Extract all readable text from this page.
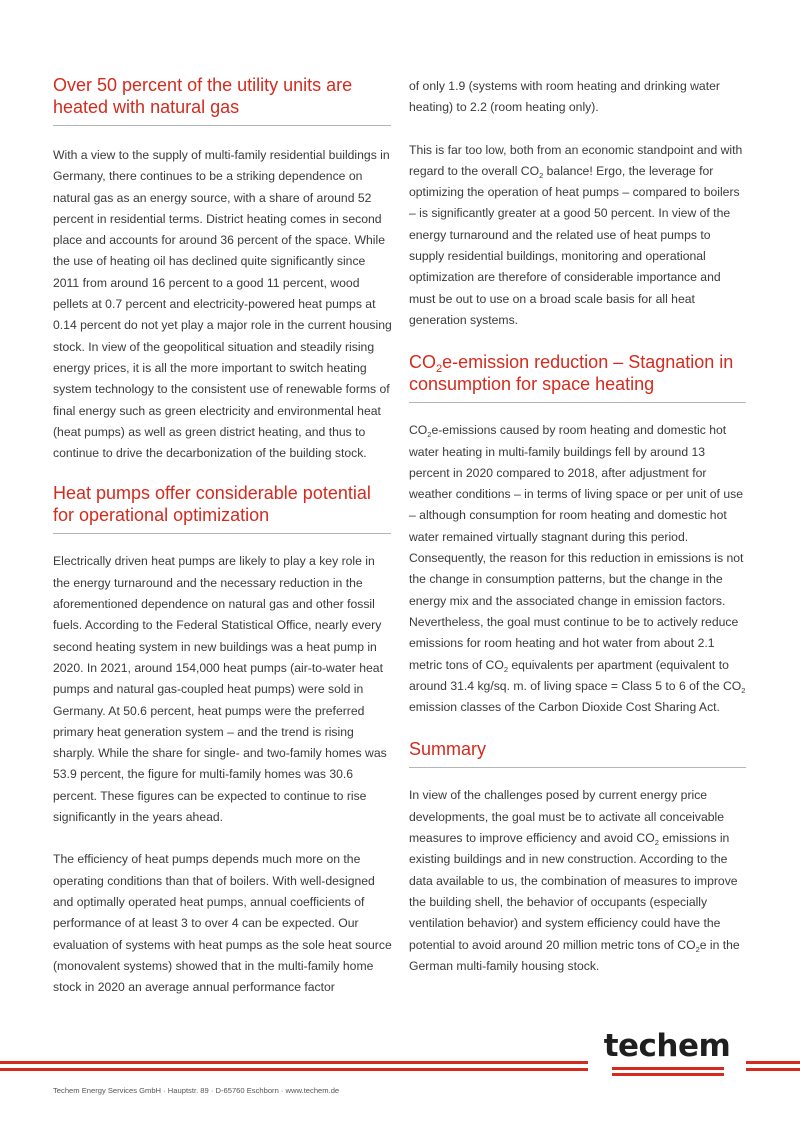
Over 50 percent of the utility units are heated with natural gas

With a view to the supply of multi-family residential buildings in Germany, there continues to be a striking dependence on natural gas as an energy source, with a share of around 52 percent in residential terms. District heating comes in second place and accounts for around 36 percent of the space. While the use of heating oil has declined quite significantly since 2011 from around 16 percent to a good 11 percent, wood pellets at 0.7 percent and electricity-powered heat pumps at 0.14 percent do not yet play a major role in the current housing stock. In view of the geopolitical situation and steadily rising energy prices, it is all the more important to switch heating system technology to the consistent use of renewable forms of final energy such as green electricity and environmental heat (heat pumps) as well as green district heating, and thus to continue to drive the decarbonization of the building stock.

Heat pumps offer considerable potential for operational optimization

Electrically driven heat pumps are likely to play a key role in the energy turnaround and the necessary reduction in the aforementioned dependence on natural gas and other fossil fuels. According to the Federal Statistical Office, nearly every second heating system in new buildings was a heat pump in 2020. In 2021, around 154,000 heat pumps (air-to-water heat pumps and natural gas-coupled heat pumps) were sold in Germany. At 50.6 percent, heat pumps were the preferred primary heat generation system – and the trend is rising sharply. While the share for single- and two-family homes was 53.9 percent, the figure for multi-family homes was 30.6 percent. These figures can be expected to continue to rise significantly in the years ahead.

The efficiency of heat pumps depends much more on the operating conditions than that of boilers. With well-designed and optimally operated heat pumps, annual coefficients of performance of at least 3 to over 4 can be expected. Our evaluation of systems with heat pumps as the sole heat source (monovalent systems) showed that in the multi-family home stock in 2020 an average annual performance factor

of only 1.9 (systems with room heating and drinking water heating) to 2.2 (room heating only).

This is far too low, both from an economic standpoint and with regard to the overall $CO_2$ balance! Ergo, the leverage for optimizing the operation of heat pumps – compared to boilers – is significantly greater at a good 50 percent. In view of the energy turnaround and the related use of heat pumps to supply residential buildings, monitoring and operational optimization are therefore of considerable importance and must be out to use on a broad scale basis for all heat generation systems.

$CO_2e$-emission reduction – Stagnation in consumption for space heating

$CO_2e$-emissions caused by room heating and domestic hot water heating in multi-family buildings fell by around 13 percent in 2020 compared to 2018, after adjustment for weather conditions – in terms of living space or per unit of use – although consumption for room heating and domestic hot water remained virtually stagnant during this period. Consequently, the reason for this reduction in emissions is not the change in consumption patterns, but the change in the energy mix and the associated change in emission factors. Nevertheless, the goal must continue to be to actively reduce emissions for room heating and hot water from about 2.1 metric tons of $CO_2$ equivalents per apartment (equivalent to around 31.4 kg/sq. m. of living space = Class 5 to 6 of the $CO_2$ emission classes of the Carbon Dioxide Cost Sharing Act.

Summary

In view of the challenges posed by current energy price developments, the goal must be to activate all conceivable measures to improve efficiency and avoid $CO_2$ emissions in existing buildings and in new construction. According to the data available to us, the combination of measures to improve the building shell, the behavior of occupants (especially ventilation behavior) and system efficiency could have the potential to avoid around 20 million metric tons of $CO_2e$ in the German multi-family housing stock.

techem
Techem Energy Services GmbH · Hauptstr. 89 · D-65760 Eschborn · www.techem.de
